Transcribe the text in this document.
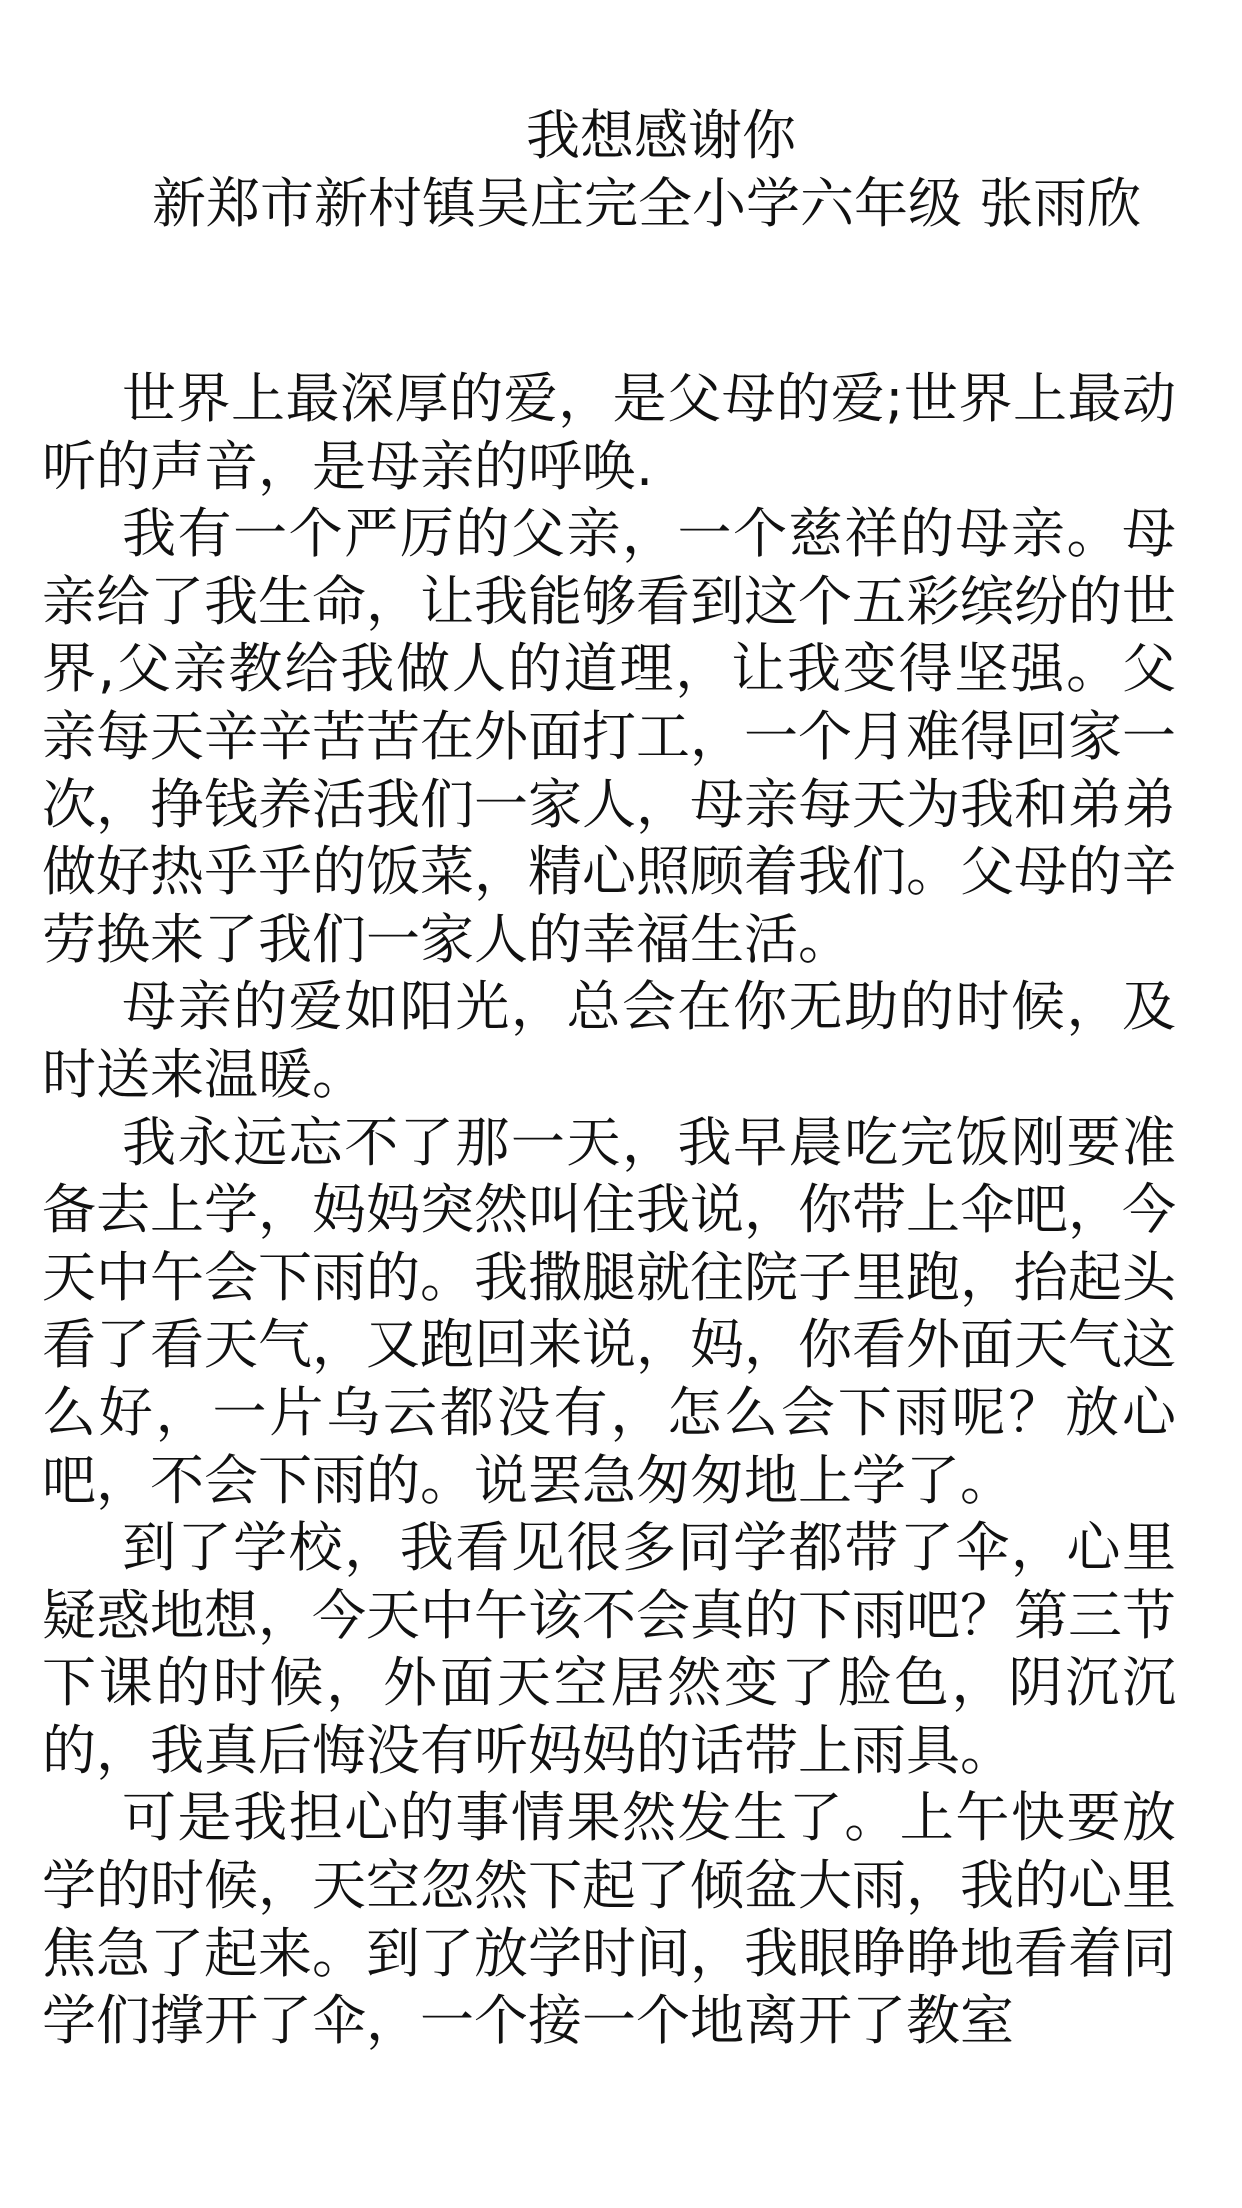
我想感谢你

新郑市新村镇吴庄完全小学六年级 张雨欣

世界上最深厚的爱，是父母的爱;世界上最动听的声音，是母亲的呼唤.

我有一个严厉的父亲，一个慈祥的母亲。母亲给了我生命，让我能够看到这个五彩缤纷的世界,父亲教给我做人的道理，让我变得坚强。父亲每天辛辛苦苦在外面打工，一个月难得回家一次，挣钱养活我们一家人，母亲每天为我和弟弟做好热乎乎的饭菜，精心照顾着我们。父母的辛劳换来了我们一家人的幸福生活。

母亲的爱如阳光，总会在你无助的时候，及时送来温暖。

我永远忘不了那一天，我早晨吃完饭刚要准备去上学，妈妈突然叫住我说，你带上伞吧，今天中午会下雨的。我撒腿就往院子里跑，抬起头看了看天气，又跑回来说，妈，你看外面天气这么好，一片乌云都没有，怎么会下雨呢？放心吧，不会下雨的。说罢急匆匆地上学了。

到了学校，我看见很多同学都带了伞，心里疑惑地想，今天中午该不会真的下雨吧？第三节下课的时候，外面天空居然变了脸色，阴沉沉的，我真后悔没有听妈妈的话带上雨具。

可是我担心的事情果然发生了。上午快要放学的时候，天空忽然下起了倾盆大雨，我的心里焦急了起来。到了放学时间，我眼睁睁地看着同学们撑开了伞，一个接一个地离开了教室
